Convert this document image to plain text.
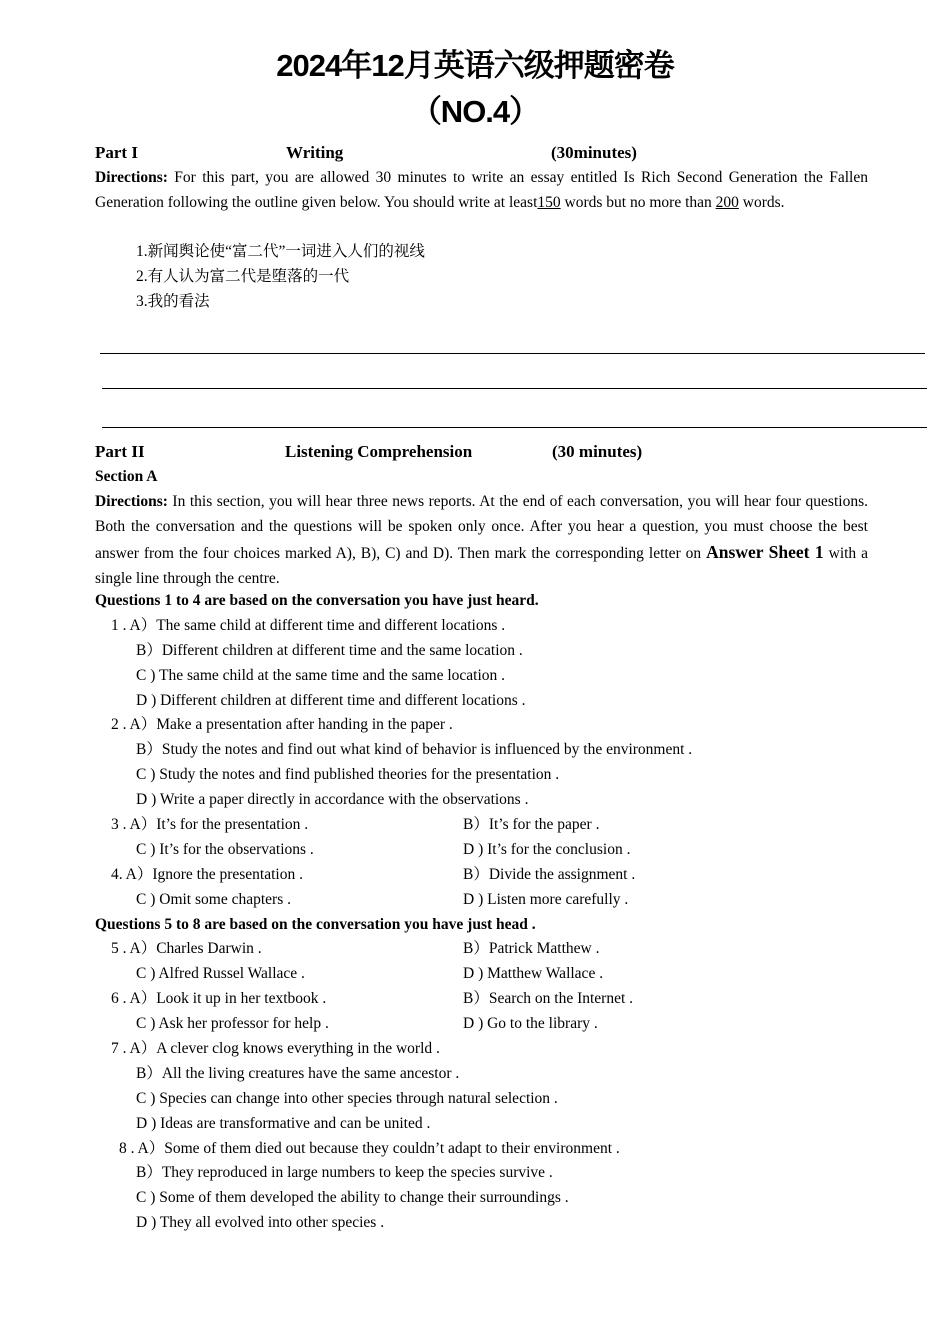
2024年12月英语六级押题密卷
（NO.4）
Part I	Writing	(30minutes)
Directions: For this part, you are allowed 30 minutes to write an essay entitled Is Rich Second Generation the Fallen Generation following the outline given below. You should write at least150 words but no more than 200 words.
1.新闻舆论使“富二代”一词进入人们的视线
2.有人认为富二代是堕落的一代
3.我的看法
Part II	Listening Comprehension	(30 minutes)
Section A
Directions: In this section, you will hear three news reports. At the end of each conversation, you will hear four questions. Both the conversation and the questions will be spoken only once. After you hear a question, you must choose the best answer from the four choices marked A), B), C) and D). Then mark the corresponding letter on Answer Sheet 1 with a single line through the centre.
Questions 1 to 4 are based on the conversation you have just heard.
1 . A）The same child at different time and different locations .
B）Different children at different time and the same location .
C ) The same child at the same time and the same location .
D ) Different children at different time and different locations .
2 . A）Make a presentation after handing in the paper .
B）Study the notes and find out what kind of behavior is influenced by the environment .
C ) Study the notes and find published theories for the presentation .
D ) Write a paper directly in accordance with the observations .
3 . A）It’s for the presentation .	B）It’s for the paper .
C ) It’s for the observations .	D ) It’s for the conclusion .
4. A）Ignore the presentation .	B）Divide the assignment .
C ) Omit some chapters .	D ) Listen more carefully .
Questions 5 to 8 are based on the conversation you have just head .
5 . A）Charles Darwin .	B）Patrick Matthew .
C ) Alfred Russel Wallace .	D ) Matthew Wallace .
6 . A）Look it up in her textbook .	B）Search on the Internet .
C ) Ask her professor for help .	D ) Go to the library .
7 . A）A clever clog knows everything in the world .
B）All the living creatures have the same ancestor .
C ) Species can change into other species through natural selection .
D ) Ideas are transformative and can be united .
8 . A）Some of them died out because they couldn’t adapt to their environment .
B）They reproduced in large numbers to keep the species survive .
C ) Some of them developed the ability to change their surroundings .
D ) They all evolved into other species .
